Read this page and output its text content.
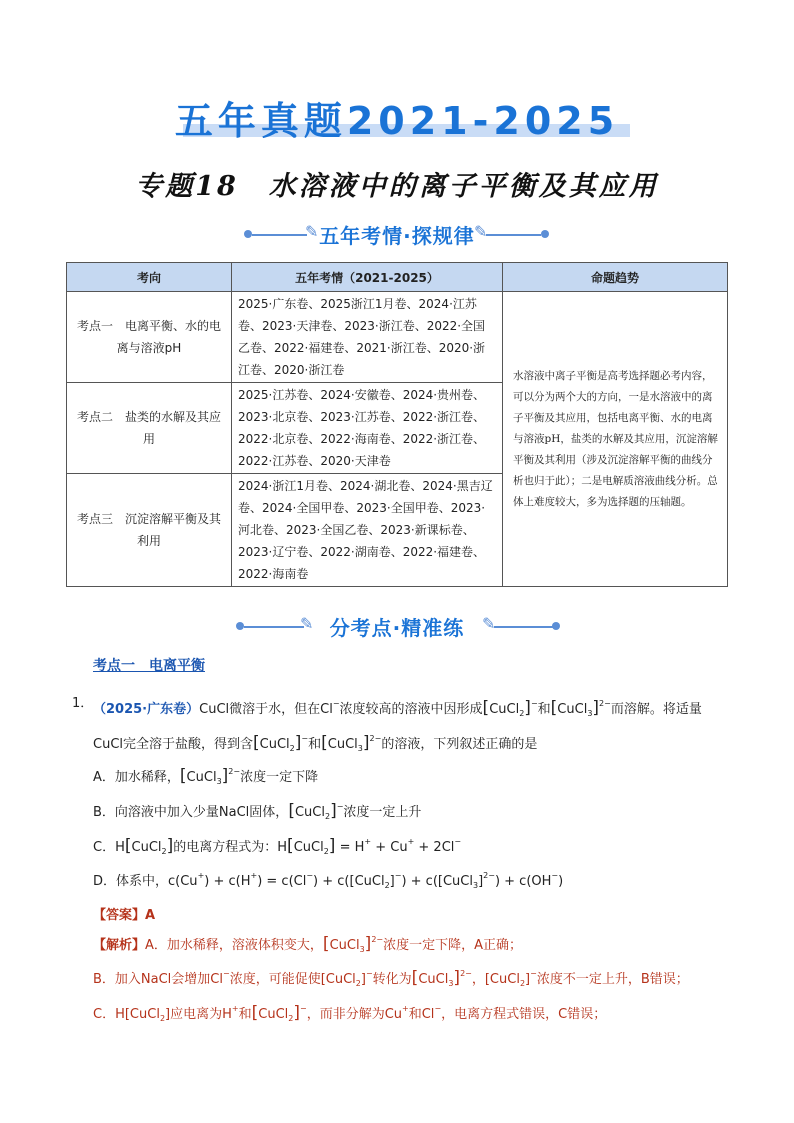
五年真题2021-2025
专题18　水溶液中的离子平衡及其应用
✎	✎
五年考情·探规律
考向	五年考情（2021-2025）	命题趋势
考点一　电离平衡、水的电离与溶液pH	2025·广东卷、2025浙江1月卷、2024·江苏卷、2023·天津卷、2023·浙江卷、2022·全国乙卷、2022·福建卷、2021·浙江卷、2020·浙江卷、2020·浙江卷	水溶液中离子平衡是高考选择题必考内容，可以分为两个大的方向，一是水溶液中的离子平衡及其应用，包括电离平衡、水的电离与溶液pH，盐类的水解及其应用，沉淀溶解平衡及其利用（涉及沉淀溶解平衡的曲线分析也归于此）；二是电解质溶液曲线分析。总体上难度较大，多为选择题的压轴题。
考点二　盐类的水解及其应用	2025·江苏卷、2024·安徽卷、2024·贵州卷、2023·北京卷、2023·江苏卷、2022·浙江卷、2022·北京卷、2022·海南卷、2022·浙江卷、2022·江苏卷、2020·天津卷	
考点三　沉淀溶解平衡及其利用	2024·浙江1月卷、2024·湖北卷、2024·黑吉辽卷、2024·全国甲卷、2023·全国甲卷、2023·河北卷、2023·全国乙卷、2023·新课标卷、2023·辽宁卷、2022·湖南卷、2022·福建卷、2022·海南卷	
✎	✎
分考点·精准练
考点一　电离平衡
1． （2025·广东卷）CuCl微溶于水，但在Cl−浓度较高的溶液中因形成[CuCl$_2$]−和[CuCl$_3$]$^{2-}$而溶解。将适量
CuCl完全溶于盐酸，得到含[CuCl$_2$]−和[CuCl$_3$]$^{2-}$的溶液，下列叙述正确的是
A．加水稀释，[CuCl$_3$]$^{2-}$浓度一定下降
B．向溶液中加入少量NaCl固体，[CuCl$_2$]−浓度一定上升
C．H[CuCl$_2$]的电离方程式为：H[CuCl$_2$] = H+ + Cu+ + 2Cl−
D．体系中，c(Cu+) + c(H+) = c(Cl−) + c([CuCl$_2$]−) + c([CuCl$_3$]$^{2-}$) + c(OH−)
【答案】A
【解析】A．加水稀释，溶液体积变大，[CuCl$_3$]$^{2-}$浓度一定下降，A正确；
B．加入NaCl会增加Cl−浓度，可能促使[CuCl$_2$]−转化为[CuCl$_3$]$^{2-}$，[CuCl$_2$]−浓度不一定上升，B错误；
C．H[CuCl$_2$]应电离为H+和[CuCl$_2$]−，而非分解为Cu+和Cl−，电离方程式错误，C错误；
